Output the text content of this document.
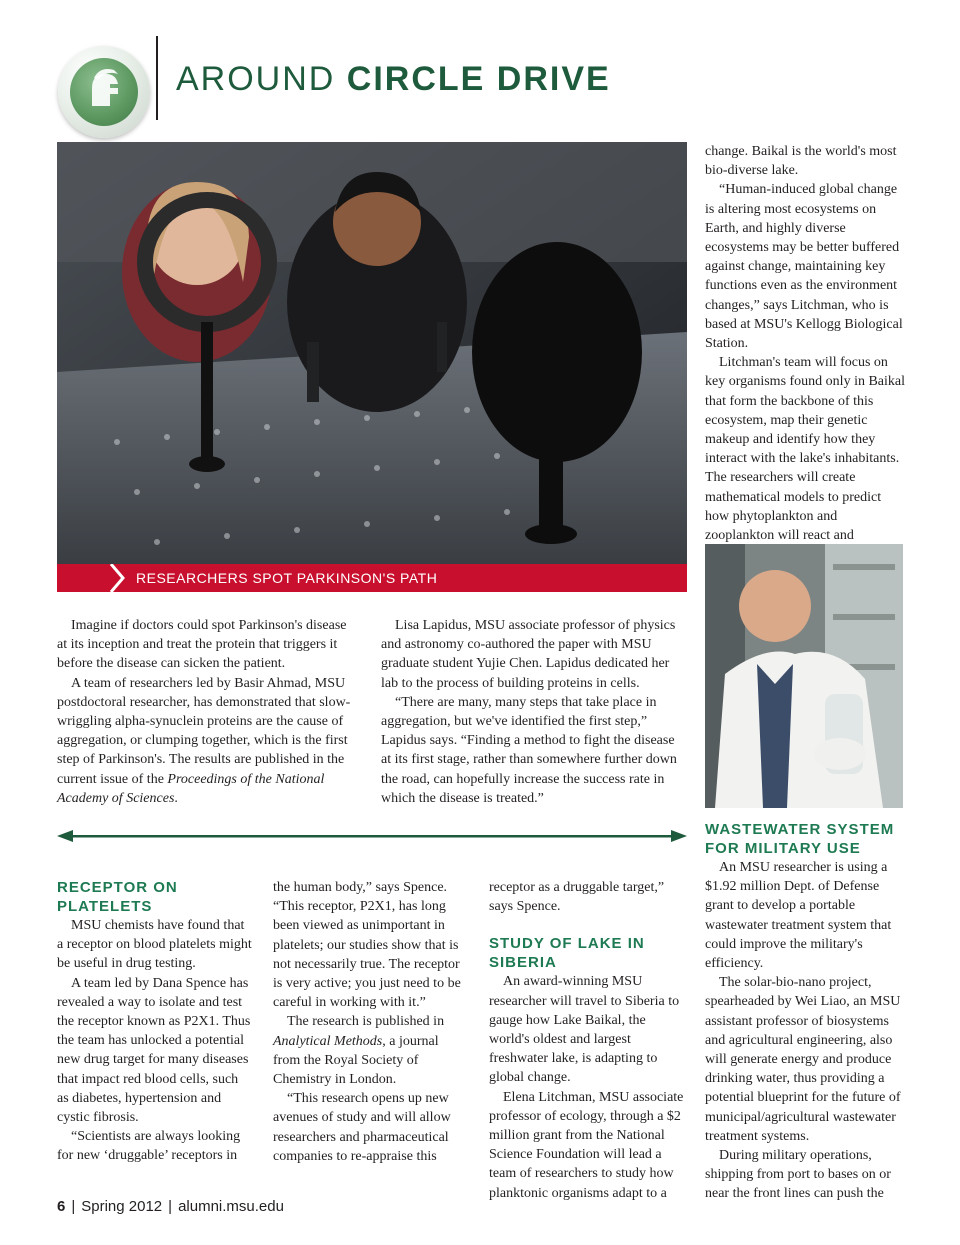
AROUND CIRCLE DRIVE
RESEARCHERS SPOT PARKINSON'S PATH

Imagine if doctors could spot Parkinson's disease at its inception and treat the protein that triggers it before the disease can sicken the patient.

A team of researchers led by Basir Ahmad, MSU postdoctoral researcher, has demonstrated that slow-wriggling alpha-synuclein proteins are the cause of aggregation, or clumping together, which is the first step of Parkinson's. The results are published in the current issue of the Proceedings of the National Academy of Sciences.

Lisa Lapidus, MSU associate professor of physics and astronomy co-authored the paper with MSU graduate student Yujie Chen. Lapidus dedicated her lab to the process of building proteins in cells.

“There are many, many steps that take place in aggregation, but we've identified the first step,” Lapidus says. “Finding a method to fight the disease at its first stage, rather than somewhere further down the road, can hopefully increase the success rate in which the disease is treated.”

change. Baikal is the world's most bio-diverse lake.

“Human-induced global change is altering most ecosystems on Earth, and highly diverse ecosystems may be better buffered against change, maintaining key functions even as the environment changes,” says Litchman, who is based at MSU's Kellogg Biological Station.

Litchman's team will focus on key organisms found only in Baikal that form the backbone of this ecosystem, map their genetic makeup and identify how they interact with the lake's inhabitants. The researchers will create mathematical models to predict how phytoplankton and zooplankton will react and

RECEPTOR ON PLATELETS

MSU chemists have found that a receptor on blood platelets might be useful in drug testing.

A team led by Dana Spence has revealed a way to isolate and test the receptor known as P2X1. Thus the team has unlocked a potential new drug target for many diseases that impact red blood cells, such as diabetes, hypertension and cystic fibrosis.

“Scientists are always looking for new ‘druggable’ receptors in

the human body,” says Spence. “This receptor, P2X1, has long been viewed as unimportant in platelets; our studies show that is not necessarily true. The receptor is very active; you just need to be careful in working with it.”

The research is published in Analytical Methods, a journal from the Royal Society of Chemistry in London.

“This research opens up new avenues of study and will allow researchers and pharmaceutical companies to re-appraise this

receptor as a druggable target,” says Spence.

STUDY OF LAKE IN SIBERIA

An award-winning MSU researcher will travel to Siberia to gauge how Lake Baikal, the world's oldest and largest freshwater lake, is adapting to global change.

Elena Litchman, MSU associate professor of ecology, through a $2 million grant from the National Science Foundation will lead a team of researchers to study how planktonic organisms adapt to a

WASTEWATER SYSTEM FOR MILITARY USE

An MSU researcher is using a $1.92 million Dept. of Defense grant to develop a portable wastewater treatment system that could improve the military's efficiency.

The solar-bio-nano project, spearheaded by Wei Liao, an MSU assistant professor of biosystems and agricultural engineering, also will generate energy and produce drinking water, thus providing a potential blueprint for the future of municipal/agricultural wastewater treatment systems.

During military operations, shipping from port to bases on or near the front lines can push the

6 | Spring 2012 | alumni.msu.edu
